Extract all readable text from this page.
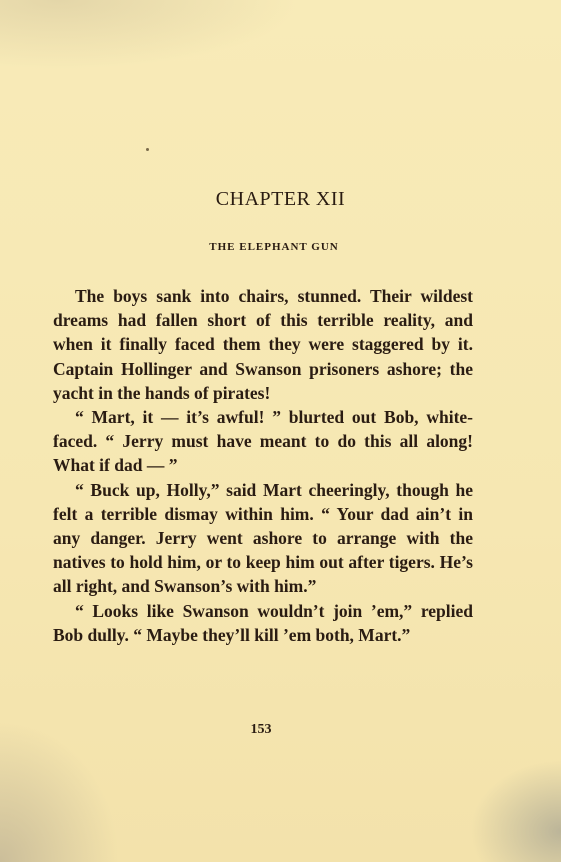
CHAPTER XII
THE ELEPHANT GUN

The boys sank into chairs, stunned. Their wildest dreams had fallen short of this terrible reality, and when it finally faced them they were staggered by it. Captain Hollinger and Swanson prisoners ashore; the yacht in the hands of pirates!

“ Mart, it — it’s awful! ” blurted out Bob, white-faced. “ Jerry must have meant to do this all along! What if dad — ”

“ Buck up, Holly,” said Mart cheeringly, though he felt a terrible dismay within him. “ Your dad ain’t in any danger. Jerry went ashore to arrange with the natives to hold him, or to keep him out after tigers. He’s all right, and Swanson’s with him.”

“ Looks like Swanson wouldn’t join ’em,” replied Bob dully. “ Maybe they’ll kill ’em both, Mart.”

153
